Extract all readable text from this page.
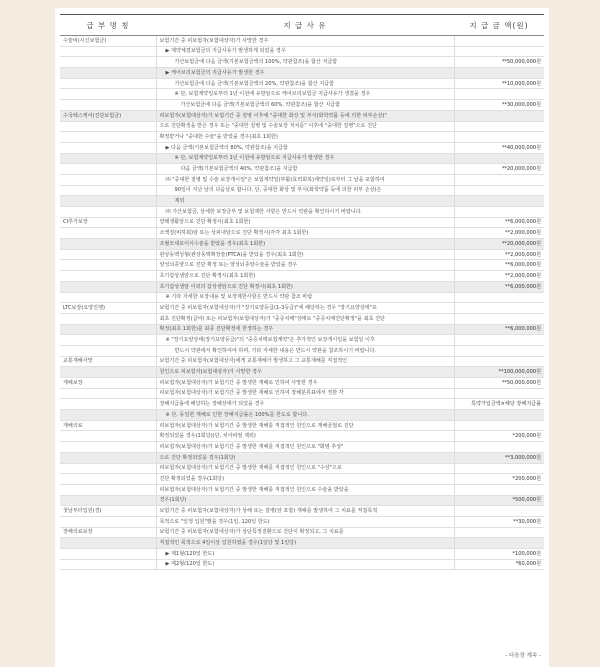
급 부 명 칭	지 급 사 유	지 급 금 액(원)
수술비(시신보험금)	보험기간 중 피보험자(보험대상자)가 사망한 경우	
	▶ 계약체결보험금의 지급사유가 발생하게 되었을 경우	
	가산보험금에 다음 금액(기본보험금액의 100%, 약관참조)을 합산 지급함	**50,000,000원
	▶ 케어브리보험금의 지급사유가 발생한 경우	
	가산보험금에 다음 금액(기본보험금액의 20%, 약관참조)을 합산 지급함	**10,000,000원
	※ 단, 보험계약일로부터 1년 이전에 유방암으로 케어브리보험금 지급사유가 생겼을 경우	
	가산보험금에 다음 금액(기본보험금액의 60%, 약관참조)을 합산 지급함	**30,000,000원
수국레스케어(진단보험금)	피보험자(보험대상자)가 보험기간 중 질병 이후에 "중대한 화상 및 부식(화학약품 등에 의한 피부손상)"	
	으로 진단확정을 받은 경우 또는 "중대한 질병 및 수술보장 처치를" 이후에 "중대한 질병"으로 진단	
	확정받거나 "중대한 수술"을 받았을 경우(최초 1회한)	
	▶ 다음 금액(기본보험금액의 80%, 약관참조)을 지급함	**40,000,000원
	※ 단, 보험계약일로부터 1년 이전에 유방암으로 지급사유가 발생한 경우	
	다음 금액(기본보험금액의 40%, 약관참조)을 지급함	**20,000,000원
	㈜ "중대한 질병 및 수술 보장개시일"은 보험계약일(부활(효력회복)계약일)로부터 그 날을 포함하여	
	90일이 지난 날의 다음날로 합니다. 단, 중대한 화상 및 부식(화학약품 등에 의한 피부 손상)은	
	제외	
	㈜ 가산보험금, 상세한 보장금부 및 보험제한 사항은 반드시 약관을 확인하시기 바랍니다.	
CI추가보장	양레생활암으로 진단 확정시(최초 1회한)	**6,000,000원
	소액질(비하회)암 또는 상피내암으로 진단 확정시(각각 최초 1회한)	**2,000,000원
	조혈모세포이식수술을 받았을 경우(최초 1회한)	**20,000,000원
	관상동맥성형(관상동맥확장술(PTCA)을 받았을 경우(최초 1회한)	**2,000,000원
	양성뇌종양으로 진단 확정 또는 양성뇌종양수술을 받았을 경우	**6,000,000원
	초기갑상샘암으로 진단 확정시(최초 1회한)	**2,000,000원
	초기갑상샘암 이외의 갑상샘암으로 진단 확정시(최초 1회한)	**6,000,000원
	※ 기타 자세한 보장내용 및 보장제한사항은 반드시 약관 참조 바람	
LTC보장(요양진행)	보험기간 중 피보험자(보험대상자)가 "장기요양등급(1-3등급)"에 해당하는 경우 "장기요양상태"로	
	최초 진단확정(급여) 또는 피보험자(보험대상자)가 "중증치매"상태로 "중증치매진단확정"을 최초 진단	
	확정(최초 1회한)를 최종 진단확정에 한정하는 경우	**6,000,000원
	※ "장기요양상태(장기요양등급)"의 "중증치매보험계약"은 추가적인 보장개시일을 보험일 이후	
	반드시 약관에서 확인하여야 하며, 기타 자세한 내용은 반드시 약관을 참조하시기 바랍니다.	
교통재해사망	보험기간 중 피보험자(보험대상자)에게 교통재해가 발생하고 그 교통재해를 직접적인	
	원인으로 피보험자(보험대상자)가 사망한 경우	**100,000,000원
재해보장	피보험자(보험대상자)가 보험기간 중 발생한 재해로 인하여 사망한 경우	**50,000,000원
	피보험자(보험대상자)가 보험기간 중 발생한 재해로 인하여 장해분류표에서 정한 각	
	장해지급률에 해당하는 장해상태가 되었을 경우	특약가입금액×해당 장해지급률
	※ 단, 동일한 재해로 인한 장해지급률은 100%를 한도로 합니다.	
재해의료	피보험자(보험대상자)가 보험기간 중 발생한 재해를 직접적인 원인으로 재해골절로 진단	
	확정되었을 경우(1회당)(단, 치아파절 제외)	*200,000원
	피보험자(보험대상자)가 보험기간 중 발생한 재해를 직접적인 원인으로 "화염 추상"	
	으로 진단 확정되었을 경우(1회당)	**3,000,000원
	피보험자(보험대상자)가 보험기간 중 발생한 재해를 직접적인 원인으로 "수상"으로	
	진단 확정되었을 경우(1회당)	*200,000원
	피보험자(보험대상자)가 보험기간 중 발생한 재해를 직접적인 원인으로 수술을 받았을	
	경우(1회당)	*500,000원
첫날부터입원(경)	보험기간 중 피보험자(보험대상자)가 상해 또는 질병(암 포함) 재해를 발생하여 그 치료를 직접목적	
	목적으로 "일정 입원"했을 경우(1일, 120일 한도)	**30,000원
장해의료보장	보험기간 중 피보험자(보험대상자)가 상단특정질환으로 진단이 확정되고, 그 치료를	
	직접적인 목적으로 4일이상 입원하였을 경우(1일당 및 1일당)	
	▶ 제1형(120일 한도)	*100,000원
	▶ 제2형(120일 한도)	*60,000원
- 다음장 계속 -
